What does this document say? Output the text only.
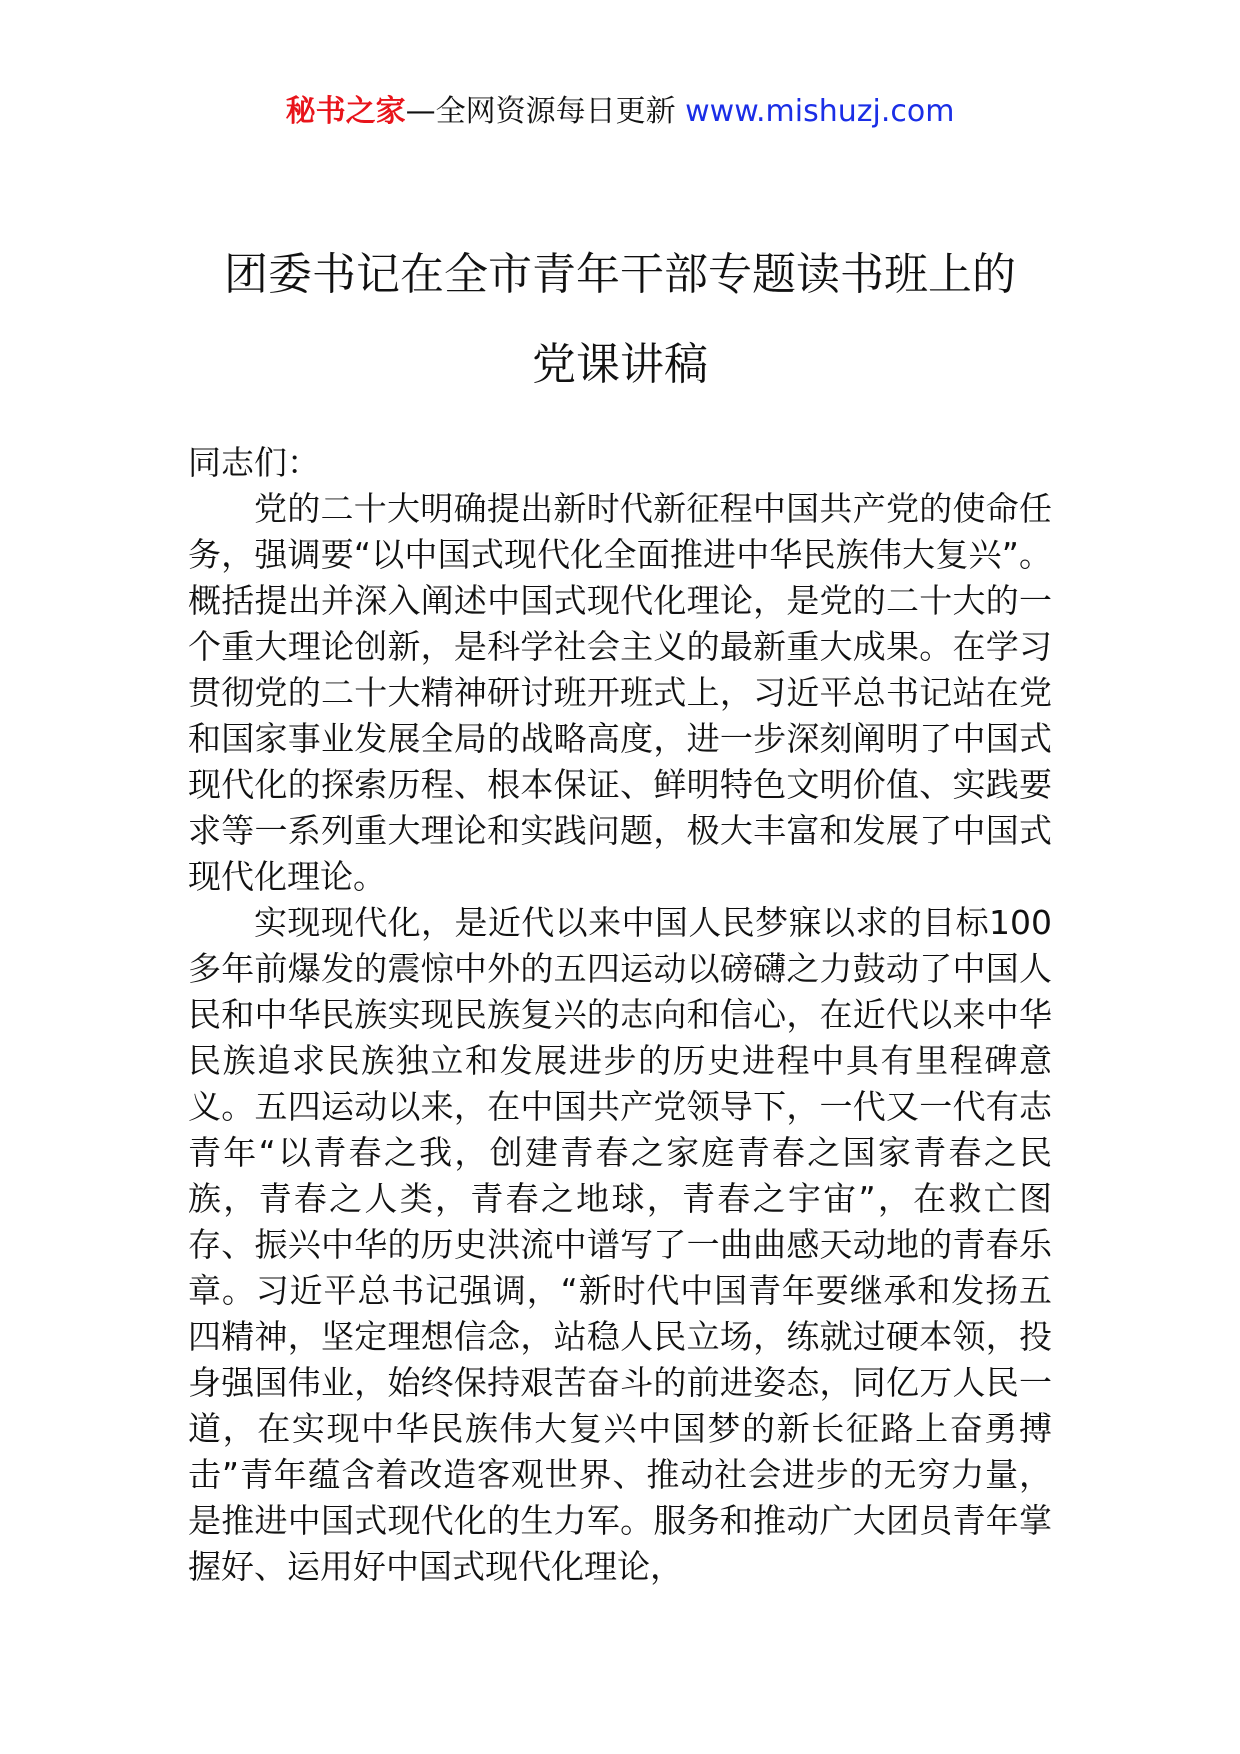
秘书之家—全网资源每日更新 www.mishuzj.com
团委书记在全市青年干部专题读书班上的
党课讲稿
同志们：

党的二十大明确提出新时代新征程中国共产党的使命任务，强调要“以中国式现代化全面推进中华民族伟大复兴”。概括提出并深入阐述中国式现代化理论，是党的二十大的一个重大理论创新，是科学社会主义的最新重大成果。在学习贯彻党的二十大精神研讨班开班式上，习近平总书记站在党和国家事业发展全局的战略高度，进一步深刻阐明了中国式现代化的探索历程、根本保证、鲜明特色文明价值、实践要求等一系列重大理论和实践问题，极大丰富和发展了中国式现代化理论。

实现现代化，是近代以来中国人民梦寐以求的目标100多年前爆发的震惊中外的五四运动以磅礴之力鼓动了中国人民和中华民族实现民族复兴的志向和信心，在近代以来中华民族追求民族独立和发展进步的历史进程中具有里程碑意义。五四运动以来，在中国共产党领导下，一代又一代有志青年“以青春之我，创建青春之家庭青春之国家青春之民族，青春之人类，青春之地球，青春之宇宙”，在救亡图存、振兴中华的历史洪流中谱写了一曲曲感天动地的青春乐章。习近平总书记强调，“新时代中国青年要继承和发扬五四精神，坚定理想信念，站稳人民立场，练就过硬本领，投身强国伟业，始终保持艰苦奋斗的前进姿态，同亿万人民一道，在实现中华民族伟大复兴中国梦的新长征路上奋勇搏击”青年蕴含着改造客观世界、推动社会进步的无穷力量，是推进中国式现代化的生力军。服务和推动广大团员青年掌握好、运用好中国式现代化理论，
